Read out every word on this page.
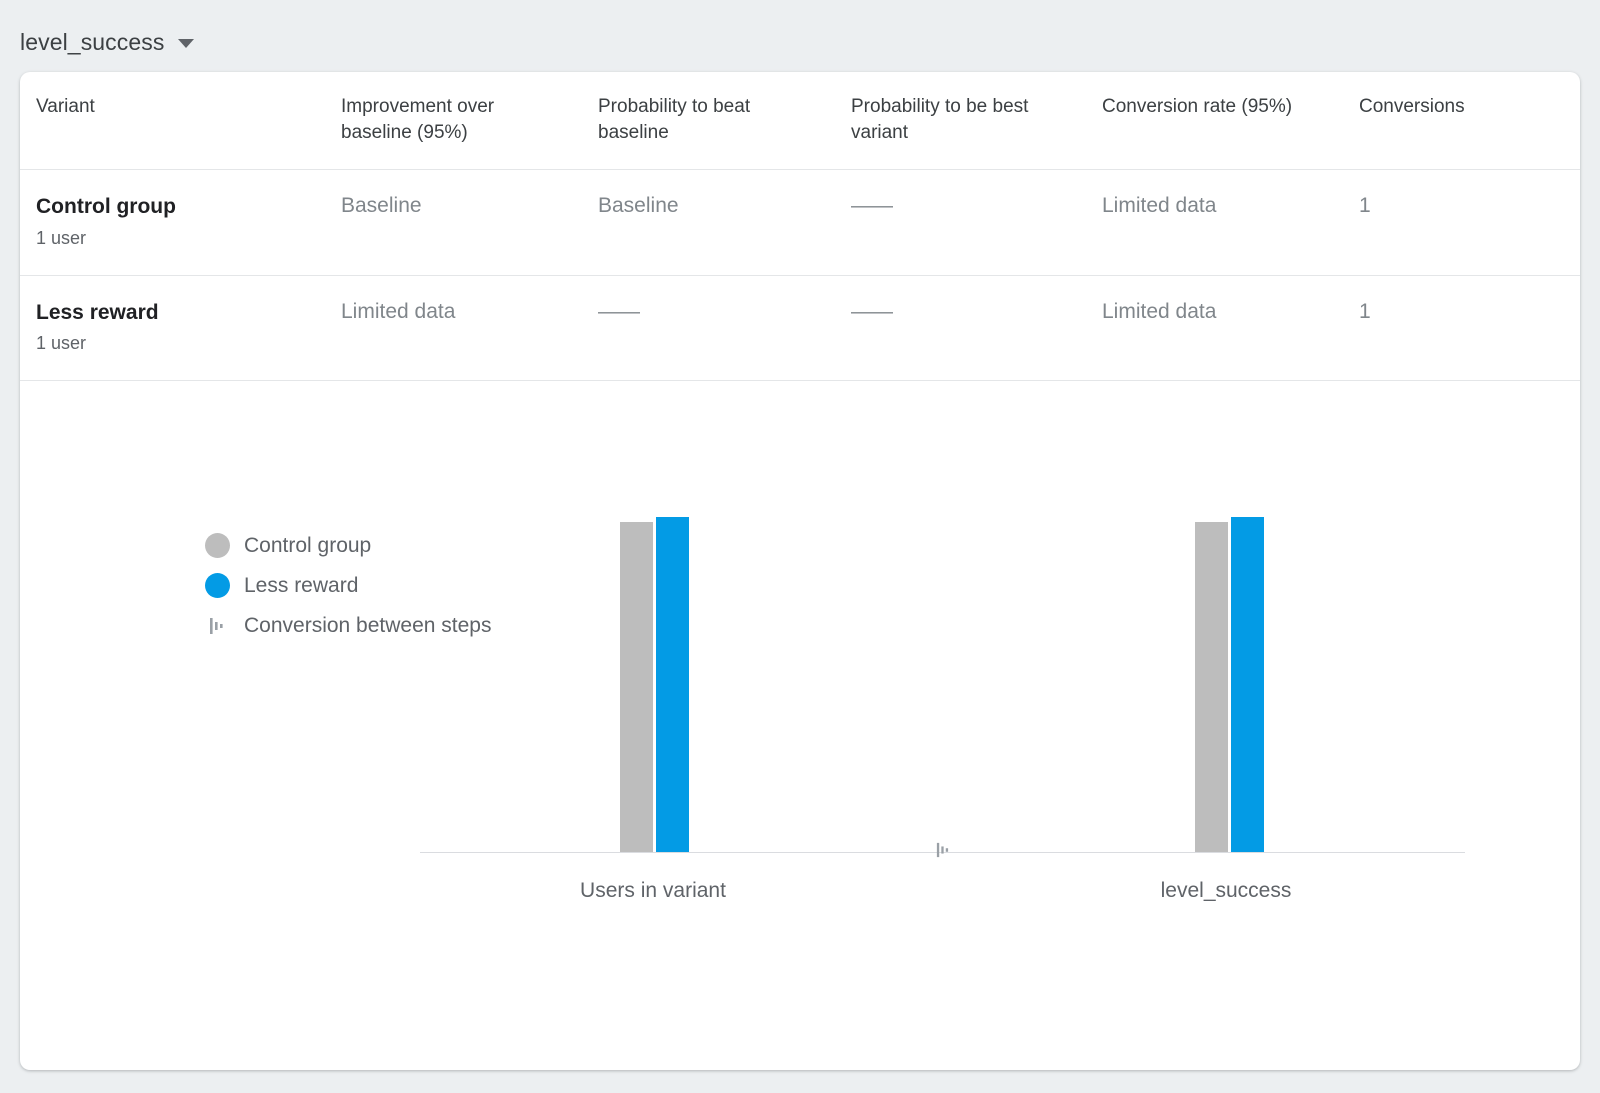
level_success
Variant	Improvement over baseline (95%)	Probability to beat baseline	Probability to be best variant	Conversion rate (95%)	Conversions

Control group
1 user	Baseline	Baseline	——	Limited data	1

Less reward
1 user	Limited data	——	——	Limited data	1
Control group
Less reward
Conversion between steps
Users in variant	level_success
